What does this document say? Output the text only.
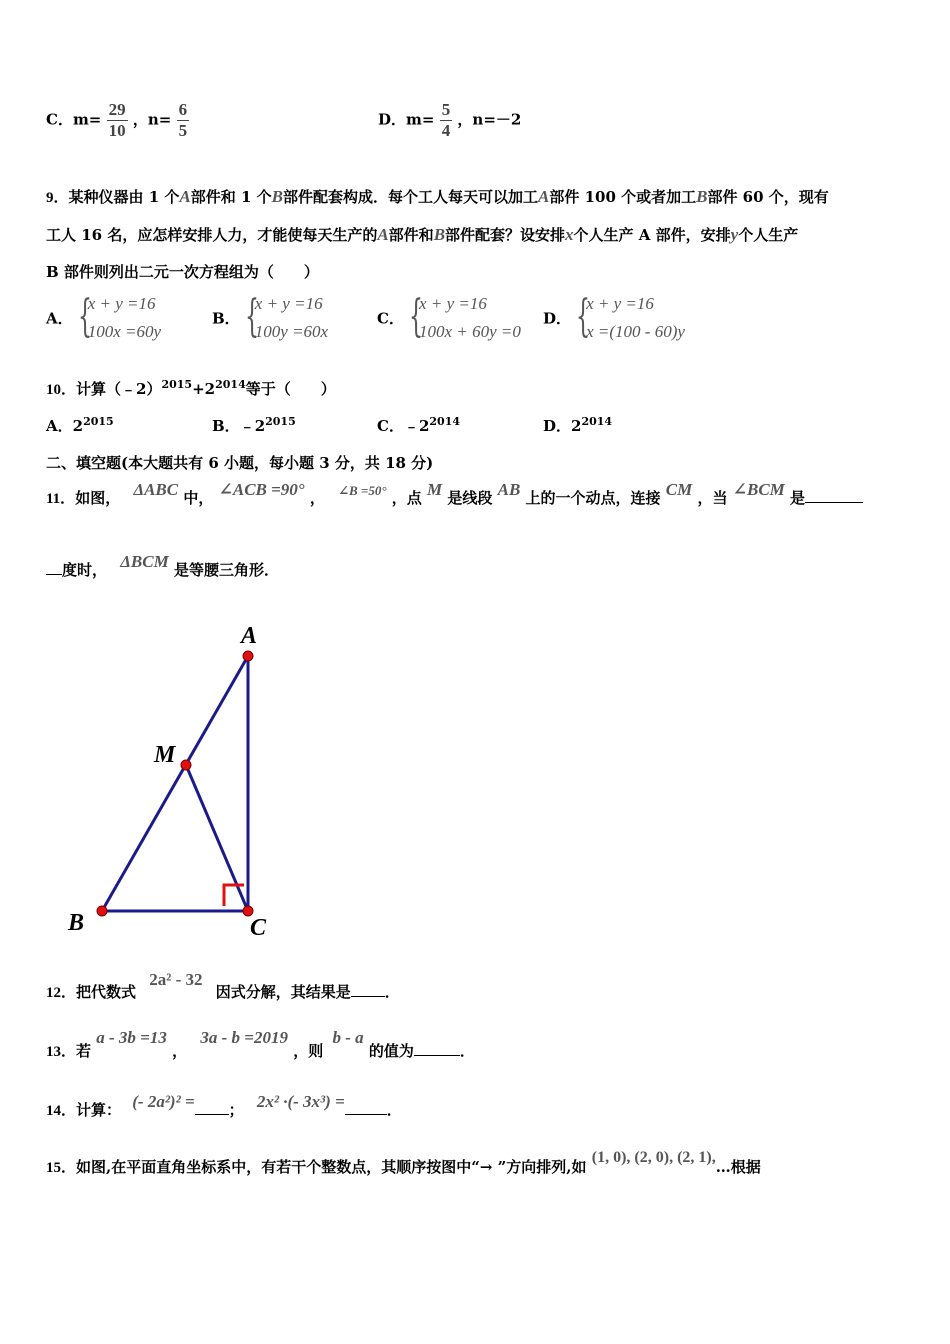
C．$m= \frac{29}{10}$ ，$n= \frac{6}{5}$	D．$m= \frac{5}{4}$ ，n=－2
9．某种仪器由 1 个A部件和 1 个B部件配套构成．每个工人每天可以加工A部件 100 个或者加工B部件 60 个，现有
工人 16 名，应怎样安排人力，才能使每天生产的A部件和B部件配套？设安排x个人生产 A 部件，安排y个人生产
B 部件则列出二元一次方程组为（　　）
A． {
x + y =16
100x =60y
B． {
x + y =16
100y =60x
C． {
x + y =16
100x + 60y =0
D． {
x + y =16
x =(100 - 60)y
10．计算$(﹣2)^{2015}+2^{2014}$等于（　　）
A．$2^{2015}$	B．$﹣2^{2015}$	C．$﹣2^{2014}$	D．$2^{2014}$
二、填空题(本大题共有 6 小题，每小题 3 分，共 18 分)
11．如图， ΔABC 中， ∠ACB =90° ， ∠B =50° ，点 M 是线段 AB 上的一个动点，连接 CM ，当 ∠BCM 是
度时， ΔBCM 是等腰三角形．
A
M
B	C
12．把代数式 2a² - 32 因式分解，其结果是 ．
13．若 a - 3b =13 ， 3a - b =2019 ，则 b - a 的值为	．
14．计算： (- 2a²)² = ； 2x² ·(- 3x³) =	．
15．如图,在平面直角坐标系中，有若干个整数点，其顺序按图中“→ ”方向排列,如 (1, 0), (2, 0), (2, 1),…根据
